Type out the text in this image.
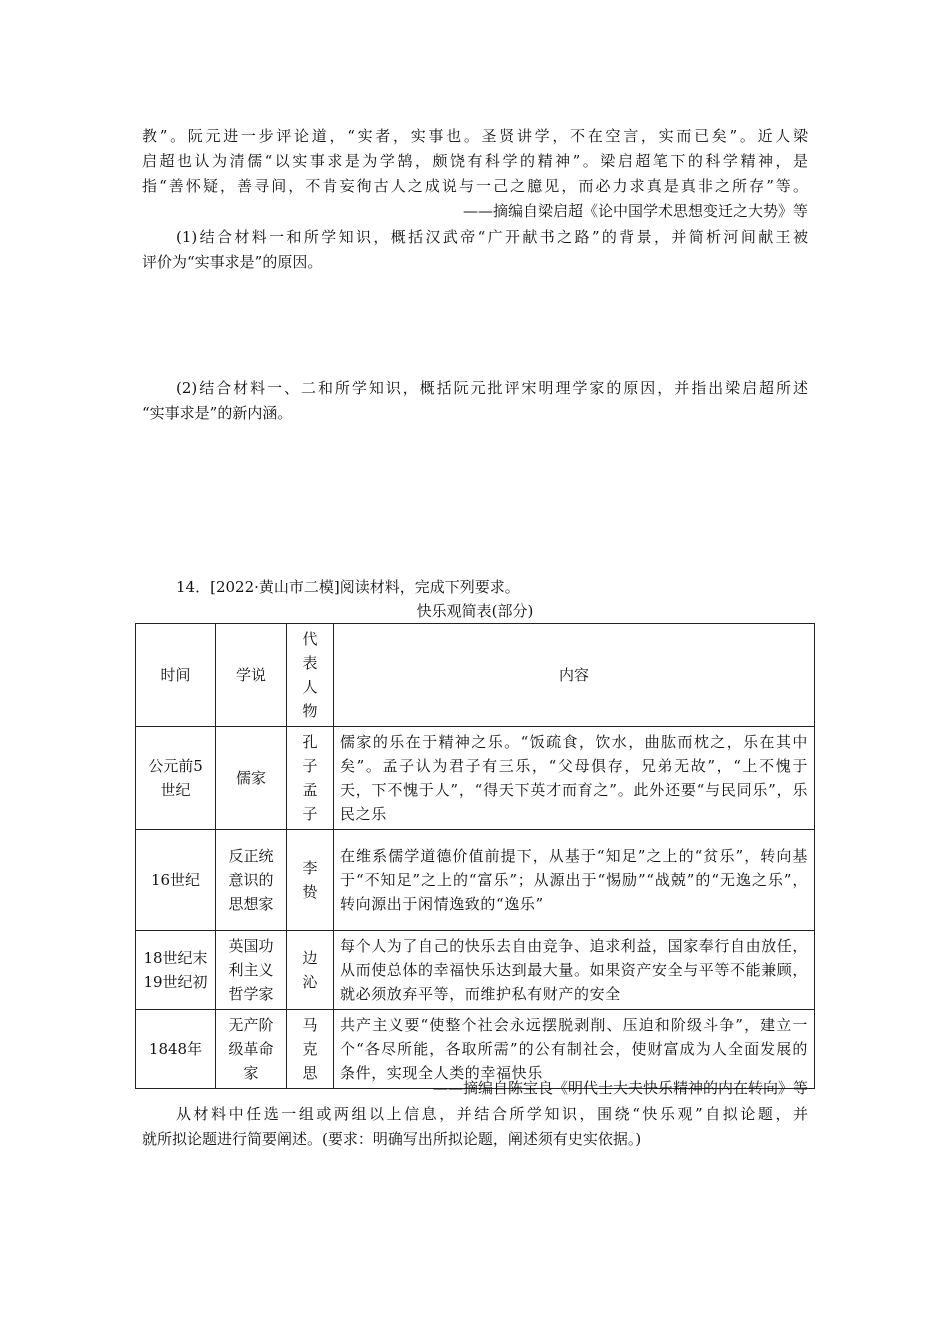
教”。阮元进一步评论道，“实者，实事也。圣贤讲学，不在空言，实而已矣”。近人梁
启超也认为清儒“以实事求是为学鹄，颇饶有科学的精神”。梁启超笔下的科学精神，是
指“善怀疑，善寻间，不肯妄徇古人之成说与一己之臆见，而必力求真是真非之所存”等。
——摘编自梁启超《论中国学术思想变迁之大势》等
(1)结合材料一和所学知识，概括汉武帝“广开献书之路”的背景，并简析河间献王被
评价为“实事求是”的原因。
(2)结合材料一、二和所学知识，概括阮元批评宋明理学家的原因，并指出梁启超所述
“实事求是”的新内涵。
14．[2022·黄山市二模]阅读材料，完成下列要求。
快乐观简表(部分)
时间	学说	代表人物	内容
公元前5世纪	儒家	孔子孟子	儒家的乐在于精神之乐。“饭疏食，饮水，曲肱而枕之，乐在其中矣”。孟子认为君子有三乐，“父母俱存，兄弟无故”，“上不愧于天，下不愧于人”，“得天下英才而育之”。此外还要“与民同乐”，乐民之乐
16世纪	反正统意识的思想家	李贽	在维系儒学道德价值前提下，从基于“知足”之上的“贫乐”，转向基于“不知足”之上的“富乐”；从源出于“惕励”“战兢”的“无逸之乐”，转向源出于闲情逸致的“逸乐”
18世纪末19世纪初	英国功利主义哲学家	边沁	每个人为了自己的快乐去自由竞争、追求利益，国家奉行自由放任，从而使总体的幸福快乐达到最大量。如果资产安全与平等不能兼顾，就必须放弃平等，而维护私有财产的安全
1848年	无产阶级革命家	马克思	共产主义要“使整个社会永远摆脱剥削、压迫和阶级斗争”，建立一个“各尽所能，各取所需”的公有制社会，使财富成为人全面发展的条件，实现全人类的幸福快乐
——摘编自陈宝良《明代士大夫快乐精神的内在转向》等
从材料中任选一组或两组以上信息，并结合所学知识，围绕“快乐观”自拟论题，并
就所拟论题进行简要阐述。(要求：明确写出所拟论题，阐述须有史实依据。)
